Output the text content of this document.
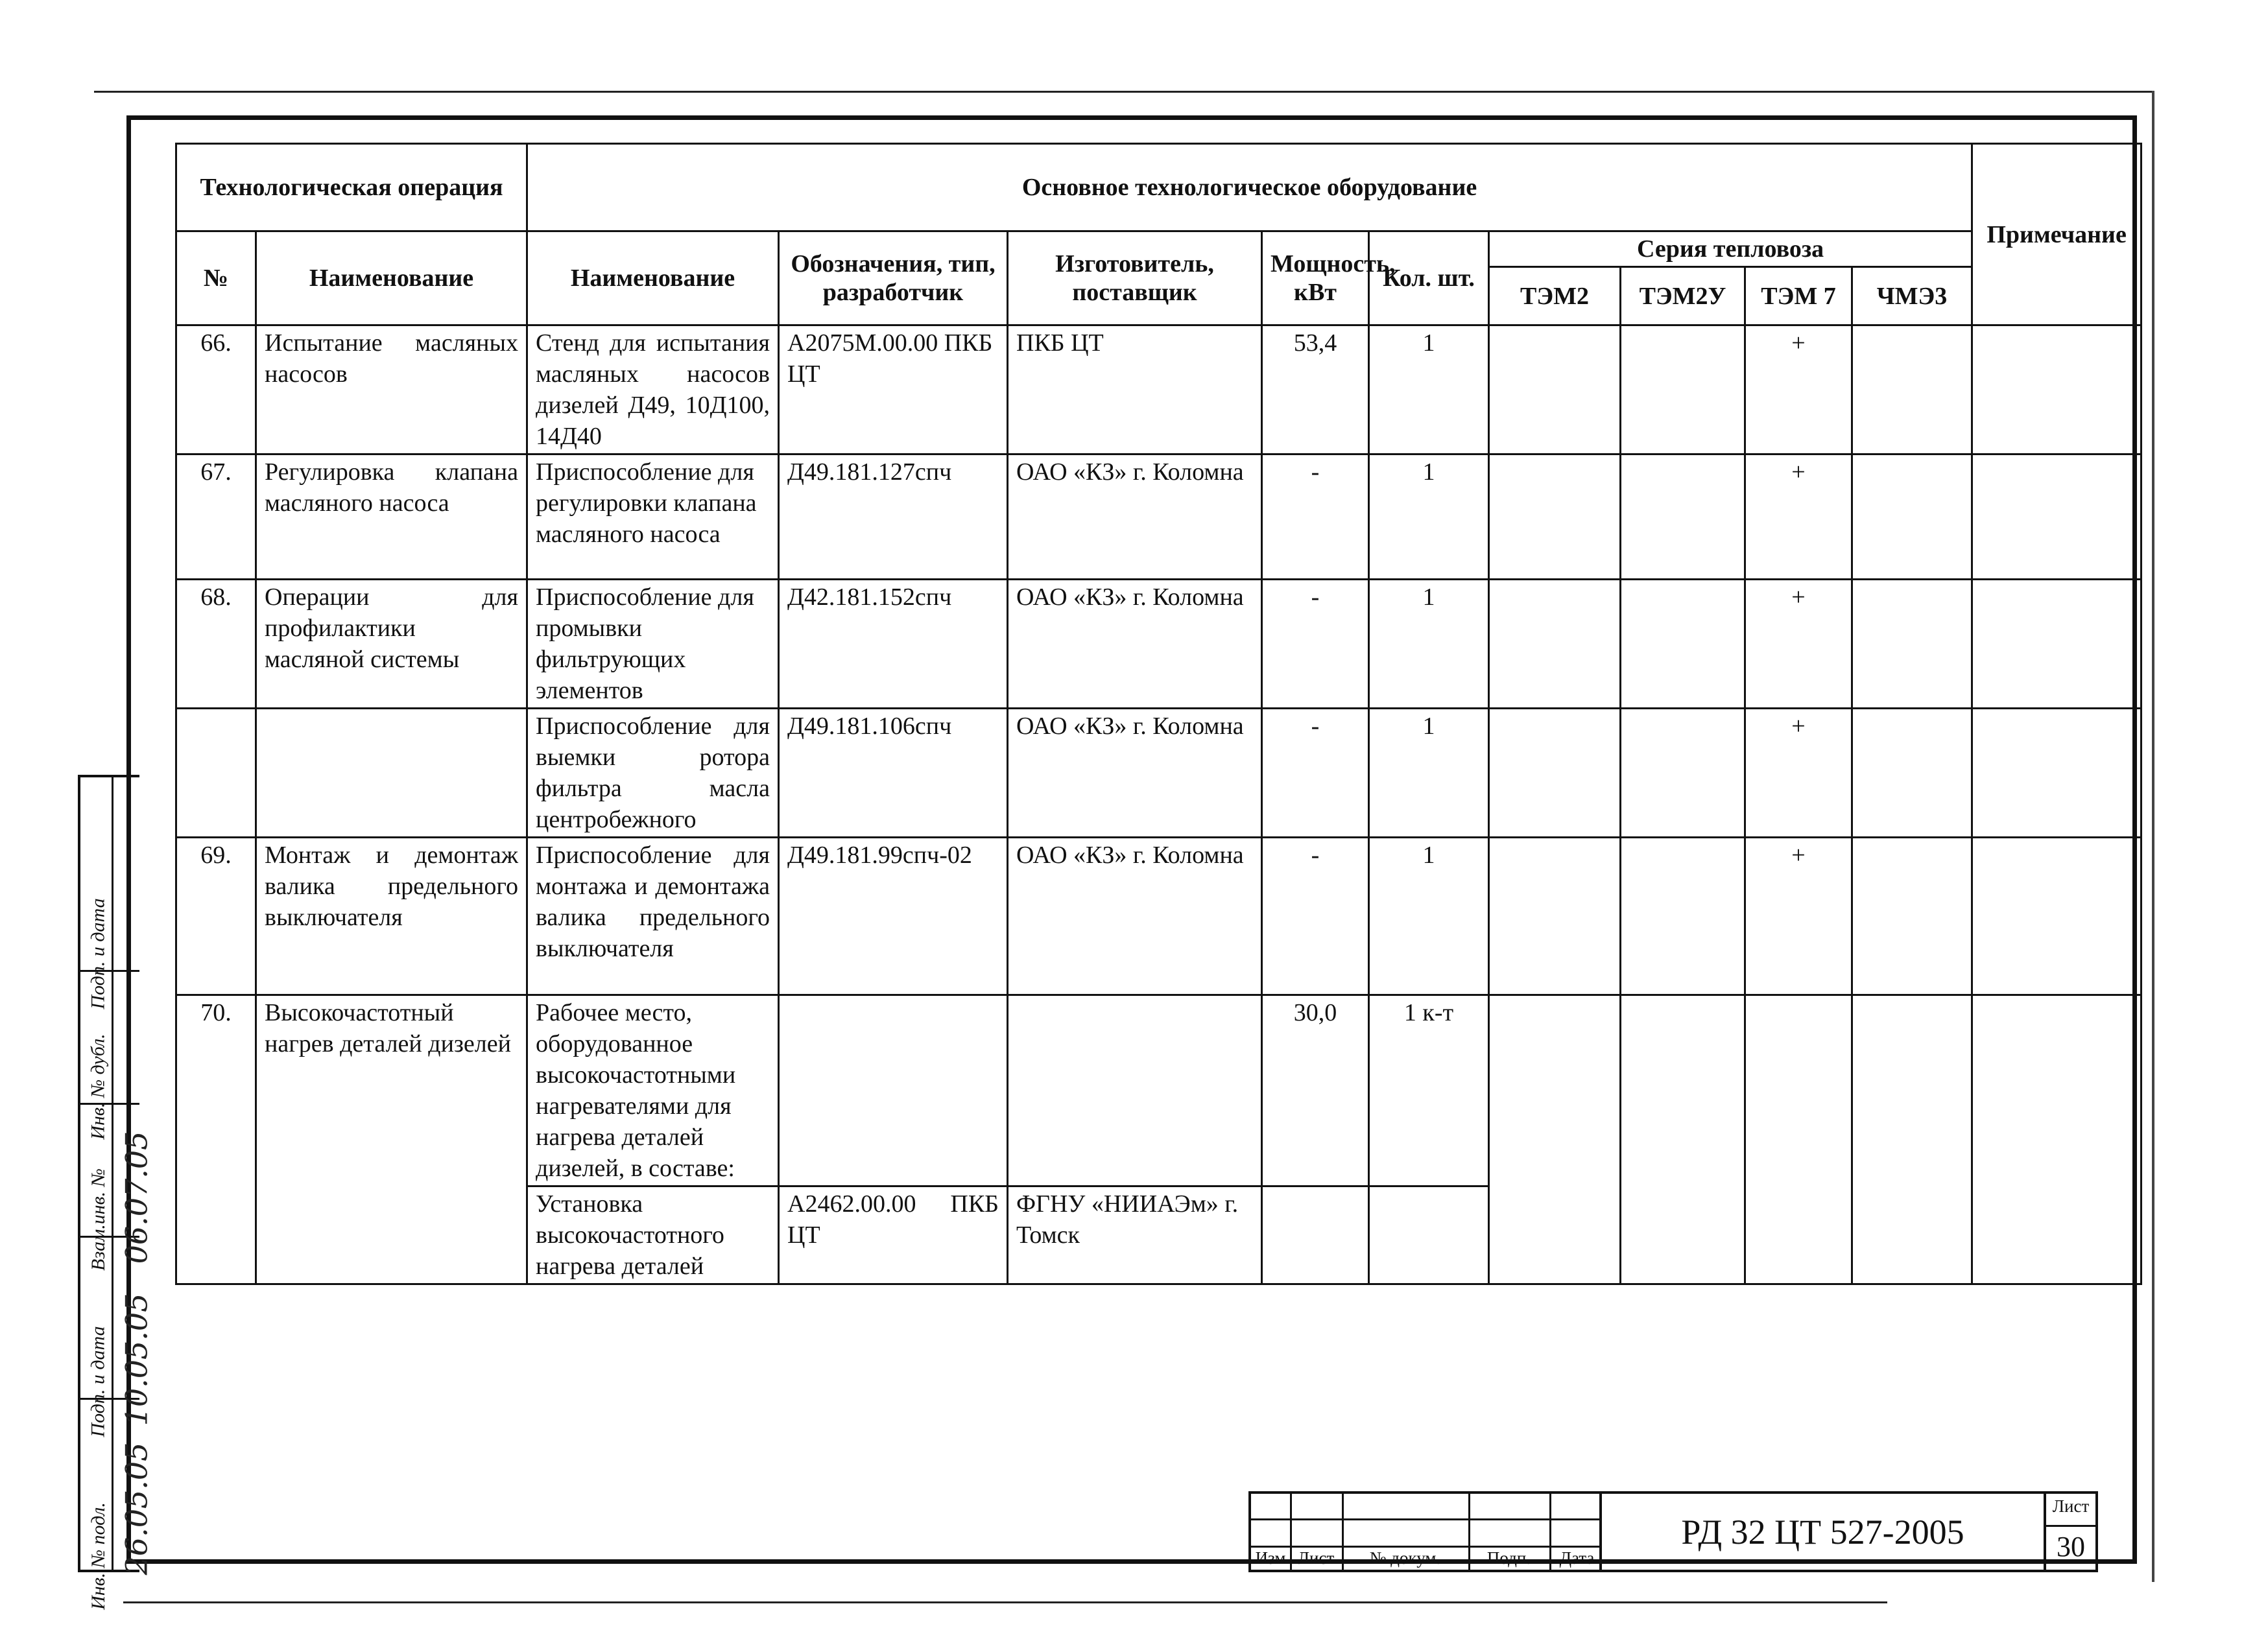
Технологическая операция		Основное технологическое оборудование									Примечание
№	Наименование	Наименование	Обозначения, тип, разработчик	Изготовитель, поставщик	Мощность, кВт	Кол. шт.	Серия тепловоза				
							ТЭМ2	ТЭМ2У	ТЭМ 7	ЧМЭ3	
66.	Испытание масляных насосов	Стенд для испытания масляных насосов дизелей Д49, 10Д100, 14Д40	А2075М.00.00 ПКБ ЦТ	ПКБ ЦТ	53,4	1			+		
67.	Регулировка клапана масляного насоса	Приспособление для регулировки клапана масляного насоса	Д49.181.127спч	ОАО «КЗ» г. Коломна	-	1			+		
68.	Операции для профилактики масляной системы	Приспособление для промывки фильтрующих элементов	Д42.181.152спч	ОАО «КЗ» г. Коломна	-	1			+		
		Приспособление для выемки ротора фильтра масла центробежного	Д49.181.106спч	ОАО «КЗ» г. Коломна	-	1			+		
69.	Монтаж и демонтаж валика предельного выключателя	Приспособление для монтажа и демонтажа валика предельного выключателя	Д49.181.99спч-02	ОАО «КЗ» г. Коломна	-	1			+		
70.	Высокочастотный нагрев деталей дизелей	Рабочее место, оборудованное высокочастотными нагревателями для нагрева деталей дизелей, в составе:			30,0	1 к-т					
		Установка высокочастотного нагрева деталей	А2462.00.00 ПКБ ЦТ	ФГНУ «НИИАЭм» г. Томск							
Подп. и дата
Инв. № дубл.
Взам.инв. №
Подп. и дата
Инв. № подл.
06.07.05
10.05.05
26.05.05	Изм Лист	№ докум.	Подп.	Дата
РД 32 ЦТ 527-2005
Лист
30
